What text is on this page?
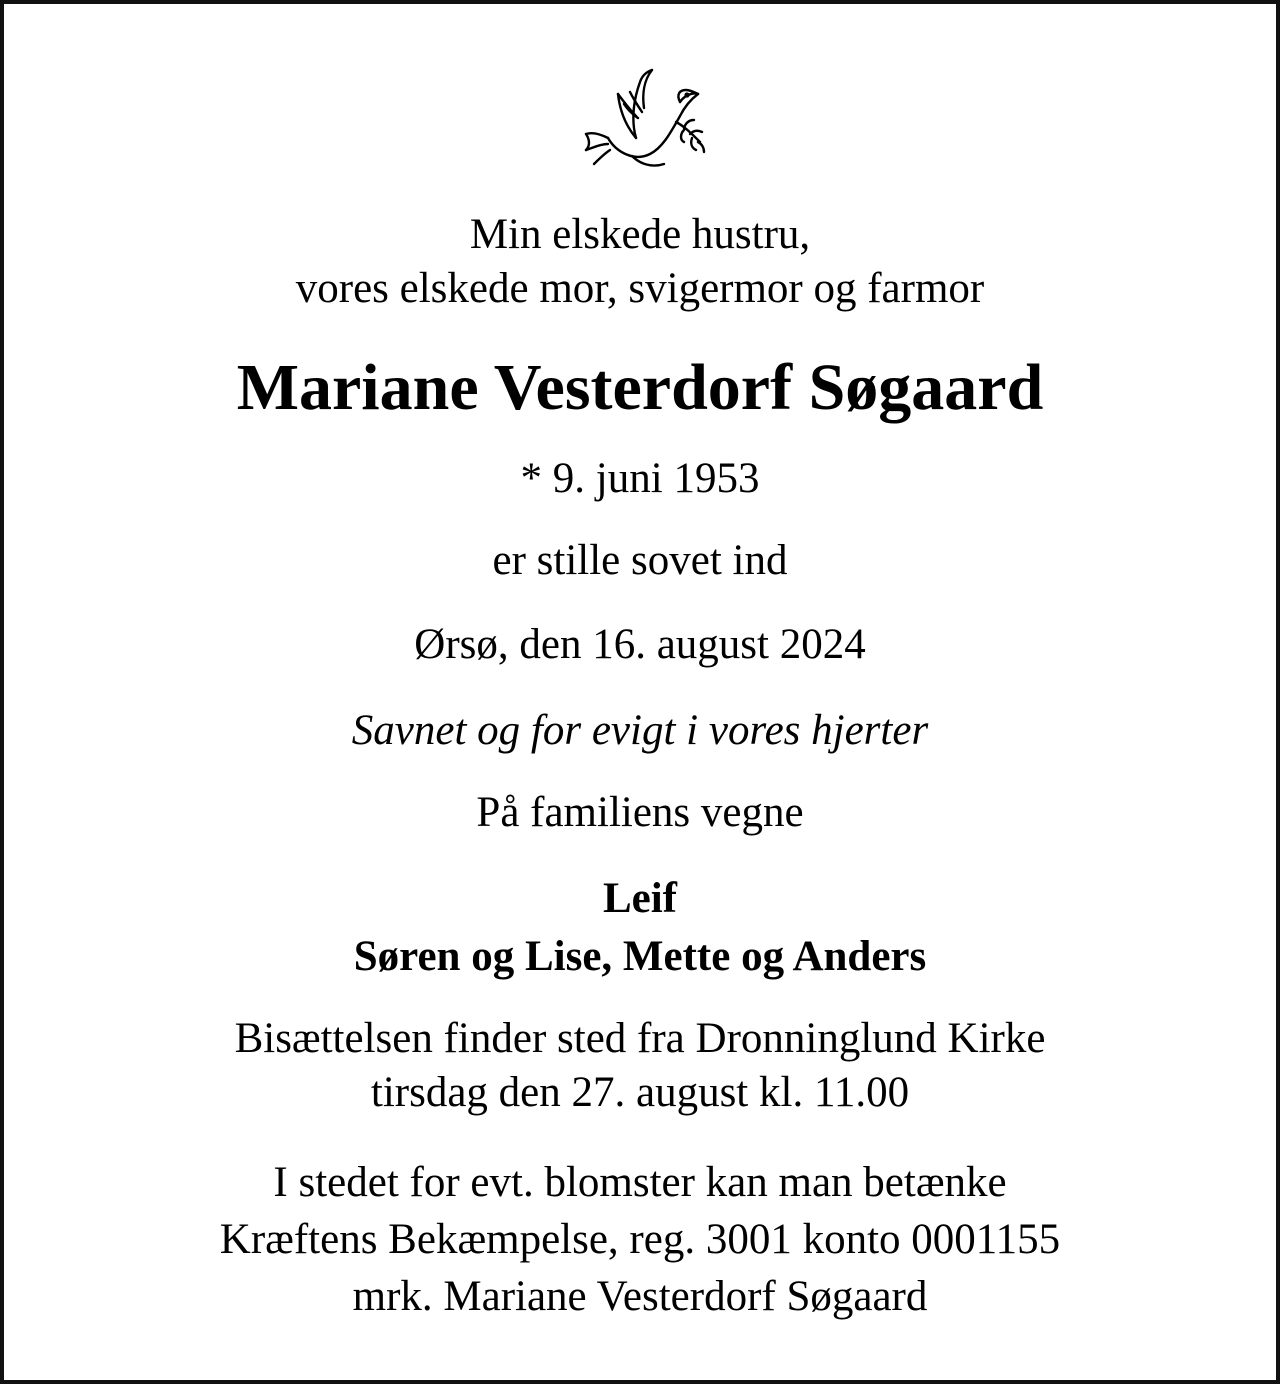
Min elskede hustru,
vores elskede mor, svigermor og farmor
Mariane Vesterdorf Søgaard
* 9. juni 1953
er stille sovet ind
Ørsø, den 16. august 2024
Savnet og for evigt i vores hjerter
På familiens vegne
Leif
Søren og Lise, Mette og Anders
Bisættelsen finder sted fra Dronninglund Kirke
tirsdag den 27. august kl. 11.00
I stedet for evt. blomster kan man betænke
Kræftens Bekæmpelse, reg. 3001 konto 0001155
mrk. Mariane Vesterdorf Søgaard
